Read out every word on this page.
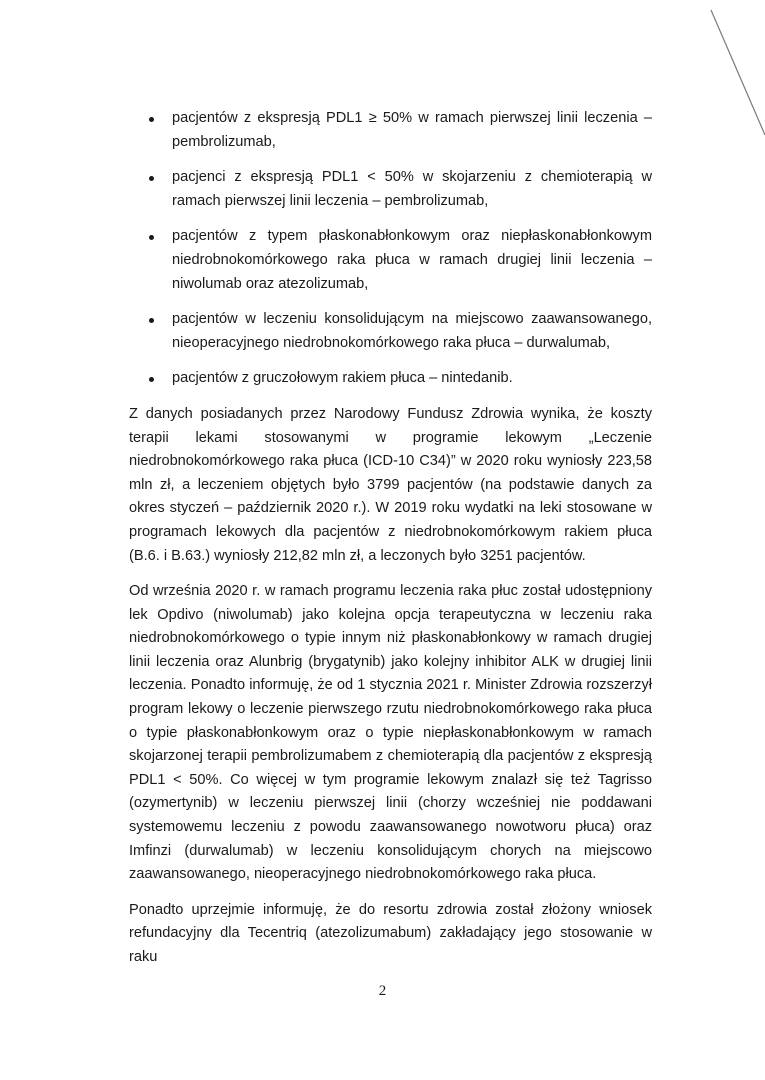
pacjentów z ekspresją PDL1 ≥ 50% w ramach pierwszej linii leczenia – pembrolizumab,
pacjenci z ekspresją PDL1 < 50% w skojarzeniu z chemioterapią w ramach pierwszej linii leczenia – pembrolizumab,
pacjentów z typem płaskonabłonkowym oraz niepłaskonabłonkowym niedrobnokomórkowego raka płuca w ramach drugiej linii leczenia – niwolumab oraz atezolizumab,
pacjentów w leczeniu konsolidującym na miejscowo zaawansowanego, nieoperacyjnego niedrobnokomórkowego raka płuca – durwalumab,
pacjentów z gruczołowym rakiem płuca – nintedanib.

Z danych posiadanych przez Narodowy Fundusz Zdrowia wynika, że koszty terapii lekami stosowanymi w programie lekowym „Leczenie niedrobnokomórkowego raka płuca (ICD-10 C34)” w 2020 roku wyniosły 223,58 mln zł, a leczeniem objętych było 3799 pacjentów (na podstawie danych za okres styczeń – październik 2020 r.). W 2019 roku wydatki na leki stosowane w programach lekowych dla pacjentów z niedrobnokomórkowym rakiem płuca (B.6. i B.63.) wyniosły 212,82 mln zł, a leczonych było 3251 pacjentów.

Od września 2020 r. w ramach programu leczenia raka płuc został udostępniony lek Opdivo (niwolumab) jako kolejna opcja terapeutyczna w leczeniu raka niedrobnokomórkowego o typie innym niż płaskonabłonkowy w ramach drugiej linii leczenia oraz Alunbrig (brygatynib) jako kolejny inhibitor ALK w drugiej linii leczenia. Ponadto informuję, że od 1 stycznia 2021 r. Minister Zdrowia rozszerzył program lekowy o leczenie pierwszego rzutu niedrobnokomórkowego raka płuca o typie płaskonabłonkowym oraz o typie niepłaskonabłonkowym w ramach skojarzonej terapii pembrolizumabem z chemioterapią dla pacjentów z ekspresją PDL1 < 50%. Co więcej w tym programie lekowym znalazł się też Tagrisso (ozymertynib) w leczeniu pierwszej linii (chorzy wcześniej nie poddawani systemowemu leczeniu z powodu zaawansowanego nowotworu płuca) oraz Imfinzi (durwalumab) w leczeniu konsolidującym chorych na miejscowo zaawansowanego, nieoperacyjnego niedrobnokomórkowego raka płuca.

Ponadto uprzejmie informuję, że do resortu zdrowia został złożony wniosek refundacyjny dla Tecentriq (atezolizumabum) zakładający jego stosowanie w raku

2
